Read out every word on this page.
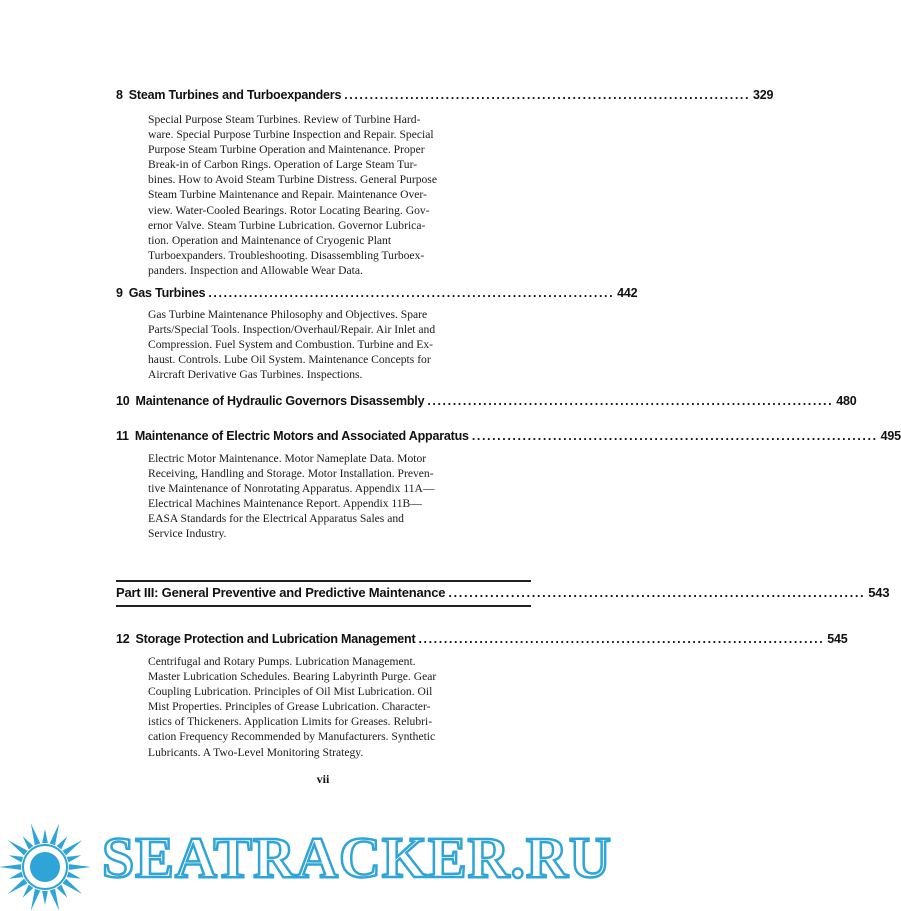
8 Steam Turbines and Turboexpanders ................................................................................ 329
Special Purpose Steam Turbines. Review of Turbine Hard-
ware. Special Purpose Turbine Inspection and Repair. Special
Purpose Steam Turbine Operation and Maintenance. Proper
Break-in of Carbon Rings. Operation of Large Steam Tur-
bines. How to Avoid Steam Turbine Distress. General Purpose
Steam Turbine Maintenance and Repair. Maintenance Over-
view. Water-Cooled Bearings. Rotor Locating Bearing. Gov-
ernor Valve. Steam Turbine Lubrication. Governor Lubrica-
tion. Operation and Maintenance of Cryogenic Plant
Turboexpanders. Troubleshooting. Disassembling Turboex-
panders. Inspection and Allowable Wear Data.
9 Gas Turbines ................................................................................ 442
Gas Turbine Maintenance Philosophy and Objectives. Spare
Parts/Special Tools. Inspection/Overhaul/Repair. Air Inlet and
Compression. Fuel System and Combustion. Turbine and Ex-
haust. Controls. Lube Oil System. Maintenance Concepts for
Aircraft Derivative Gas Turbines. Inspections.
10 Maintenance of Hydraulic Governors Disassembly ................................................................................ 480
11 Maintenance of Electric Motors and Associated Apparatus ................................................................................ 495
Electric Motor Maintenance. Motor Nameplate Data. Motor
Receiving, Handling and Storage. Motor Installation. Preven-
tive Maintenance of Nonrotating Apparatus. Appendix 11A—
Electrical Machines Maintenance Report. Appendix 11B—
EASA Standards for the Electrical Apparatus Sales and
Service Industry.
Part III: General Preventive and Predictive Maintenance ................................................................................ 543
12 Storage Protection and Lubrication Management ................................................................................ 545
Centrifugal and Rotary Pumps. Lubrication Management.
Master Lubrication Schedules. Bearing Labyrinth Purge. Gear
Coupling Lubrication. Principles of Oil Mist Lubrication. Oil
Mist Properties. Principles of Grease Lubrication. Character-
istics of Thickeners. Application Limits for Greases. Relubri-
cation Frequency Recommended by Manufacturers. Synthetic
Lubricants. A Two-Level Monitoring Strategy.
vii
SEATRACKER.RU
